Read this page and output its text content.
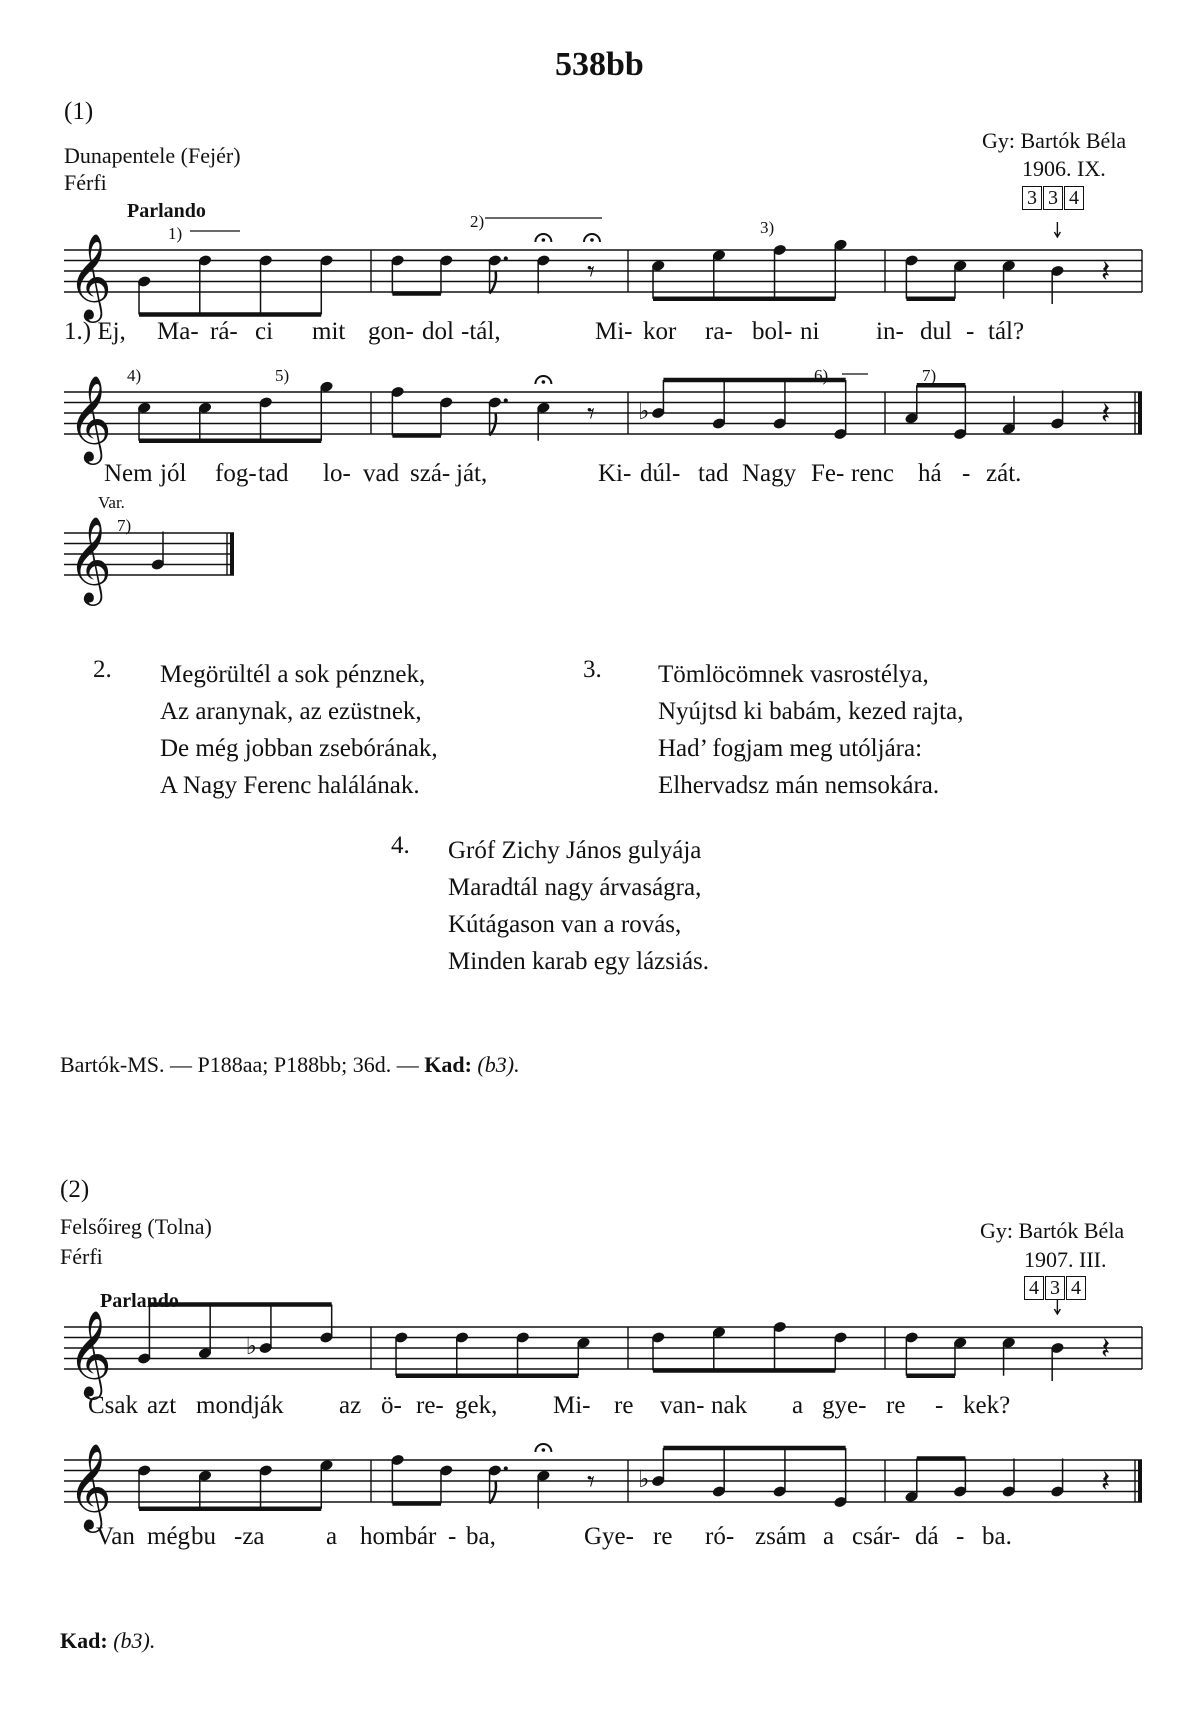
538bb
(1)
Dunapentele (Fejér)
Férfi
Gy: Bartók Béla
1906. IX.
3 3 4
Parlando
1)
2)	3)
4)	5)	6)	7)
Var.
7)
1.) Ej, Ma- rá- ci mit gon- dol -tál,	Mi- kor ra- bol- ni in- dul - tál?
Nem jól fog- tad lo- vad szá- ját,	Ki- dúl- tad Nagy Fe- renc há - zát.
2. Megörültél a sok pénznek,
Az aranynak, az ezüstnek,
De még jobban zsebórának,
A Nagy Ferenc halálának.
3. Tömlöcömnek vasrostélya,
Nyújtsd ki babám, kezed rajta,
Had’ fogjam meg utóljára:
Elhervadsz mán nemsokára.
4. Gróf Zichy János gulyája
Maradtál nagy árvaságra,
Kútágason van a rovás,
Minden karab egy lázsiás.
Bartók-MS. — P188aa; P188bb; 36d. — Kad: (b3).
(2)
Felsőireg (Tolna)
Férfi
Gy: Bartók Béla
1907. III.
4 3 4
Parlando
Csak azt mondják az ö- re- gek, Mi- re van- nak a gye- re - kek?
Van még bu -za a hombár - ba,	Gye- re ró- zsám a csár- dá - ba.
Kad: (b3).
𝄞	𝄾	𝄽
𝄞	𝄾 ♭	𝄽
𝄞
𝄞	♭	𝄽
𝄞	𝄾 ♭	𝄽
